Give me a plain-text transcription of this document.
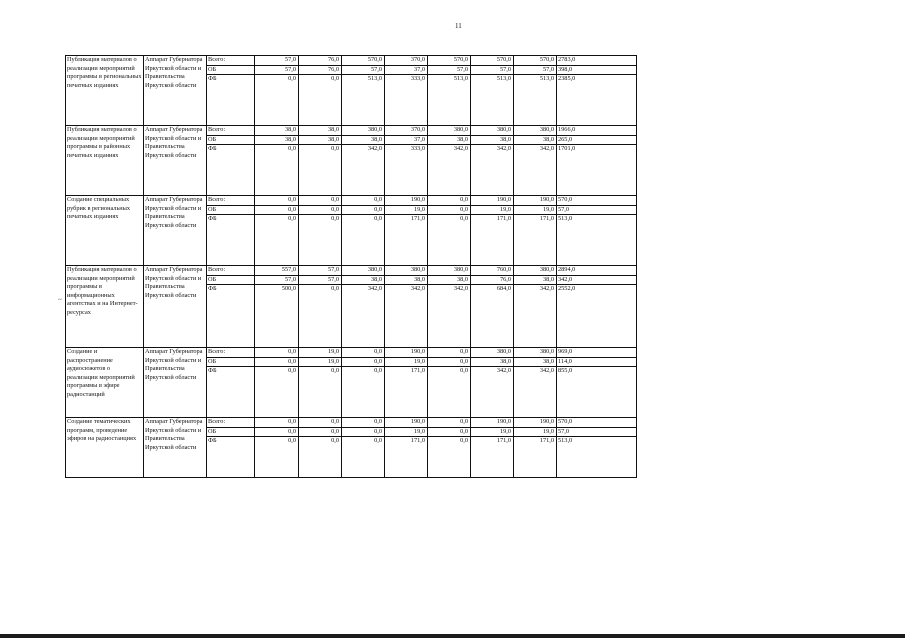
11
~
Публикация материалов о реализации мероприятий программы в региональных печатных изданиях	Аппарат Губернатора Иркутской области и Правительства Иркутской области	Всего:	57,0	76,0	570,0	370,0	570,0	570,0	570,0	2783,0
		ОБ	57,0	76,0	57,0	37,0	57,0	57,0	57,0	398,0
		ФБ	0,0	0,0	513,0	333,0	513,0	513,0	513,0	2385,0
Публикация материалов о реализации мероприятий программы в районных печатных изданиях	Аппарат Губернатора Иркутской области и Правительства Иркутской области	Всего:	38,0	38,0	380,0	370,0	380,0	380,0	380,0	1966,0
		ОБ	38,0	38,0	38,0	37,0	38,0	38,0	38,0	265,0
		ФБ	0,0	0,0	342,0	333,0	342,0	342,0	342,0	1701,0
Создание специальных рубрик в региональных печатных изданиях	Аппарат Губернатора Иркутской области и Правительства Иркутской области	Всего:	0,0	0,0	0,0	190,0	0,0	190,0	190,0	570,0
		ОБ	0,0	0,0	0,0	19,0	0,0	19,0	19,0	57,0
		ФБ	0,0	0,0	0,0	171,0	0,0	171,0	171,0	513,0
Публикация материалов о реализации мероприятий программы в информационных агентствах и на Интернет-ресурсах	Аппарат Губернатора Иркутской области и Правительства Иркутской области	Всего:	557,0	57,0	380,0	380,0	380,0	760,0	380,0	2894,0
		ОБ	57,0	57,0	38,0	38,0	38,0	76,0	38,0	342,0
		ФБ	500,0	0,0	342,0	342,0	342,0	684,0	342,0	2552,0
Создание и распространение аудиосюжетов о реализации мероприятий программы в эфире радиостанций	Аппарат Губернатора Иркутской области и Правительства Иркутской области	Всего:	0,0	19,0	0,0	190,0	0,0	380,0	380,0	969,0
		ОБ	0,0	19,0	0,0	19,0	0,0	38,0	38,0	114,0
		ФБ	0,0	0,0	0,0	171,0	0,0	342,0	342,0	855,0
Создание тематических программ, проведение эфиров на радиостанциях	Аппарат Губернатора Иркутской области и Правительства Иркутской области	Всего:	0,0	0,0	0,0	190,0	0,0	190,0	190,0	570,0
		ОБ	0,0	0,0	0,0	19,0	0,0	19,0	19,0	57,0
		ФБ	0,0	0,0	0,0	171,0	0,0	171,0	171,0	513,0
